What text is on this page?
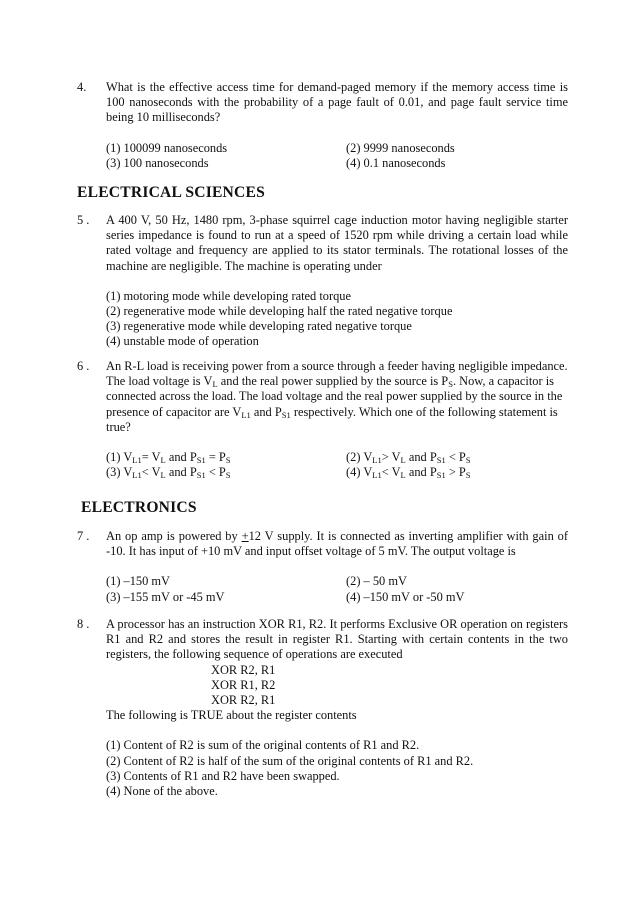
4. What is the effective access time for demand-paged memory if the memory access time is 100 nanoseconds with the probability of a page fault of 0.01, and page fault service time being 10 milliseconds?
(1) 100099 nanoseconds	(2) 9999 nanoseconds
(3) 100 nanoseconds	(4) 0.1 nanoseconds
ELECTRICAL SCIENCES
5 . A 400 V, 50 Hz, 1480 rpm, 3-phase squirrel cage induction motor having negligible starter series impedance is found to run at a speed of 1520 rpm while driving a certain load while rated voltage and frequency are applied to its stator terminals. The rotational losses of the machine are negligible. The machine is operating under
(1) motoring mode while developing rated torque
(2) regenerative mode while developing half the rated negative torque
(3) regenerative mode while developing rated negative torque
(4) unstable mode of operation
6 . An R-L load is receiving power from a source through a feeder having negligible impedance. The load voltage is $V_L$ and the real power supplied by the source is $P_S$. Now, a capacitor is connected across the load. The load voltage and the real power supplied by the source in the presence of capacitor are $V_{L1}$ and $P_{S1}$ respectively. Which one of the following statement is true?
(1) $V_{L1}= V_L$ and $P_{S1} = P_S$	(2) $V_{L1}> V_L$ and $P_{S1} < P_S$
(3) $V_{L1}< V_L$ and $P_{S1} < P_S$	(4) $V_{L1}< V_L$ and $P_{S1} > P_S$
ELECTRONICS
7 . An op amp is powered by +12 V supply. It is connected as inverting amplifier with gain of -10. It has input of +10 mV and input offset voltage of 5 mV. The output voltage is
(1) –150 mV	(2) – 50 mV
(3) –155 mV or -45 mV	(4) –150 mV or -50 mV
8 . A processor has an instruction XOR R1, R2. It performs Exclusive OR operation on registers R1 and R2 and stores the result in register R1. Starting with certain contents in the two registers, the following sequence of operations are executed
XOR R2, R1
XOR R1, R2
XOR R2, R1
The following is TRUE about the register contents
(1) Content of R2 is sum of the original contents of R1 and R2.
(2) Content of R2 is half of the sum of the original contents of R1 and R2.
(3) Contents of R1 and R2 have been swapped.
(4) None of the above.
